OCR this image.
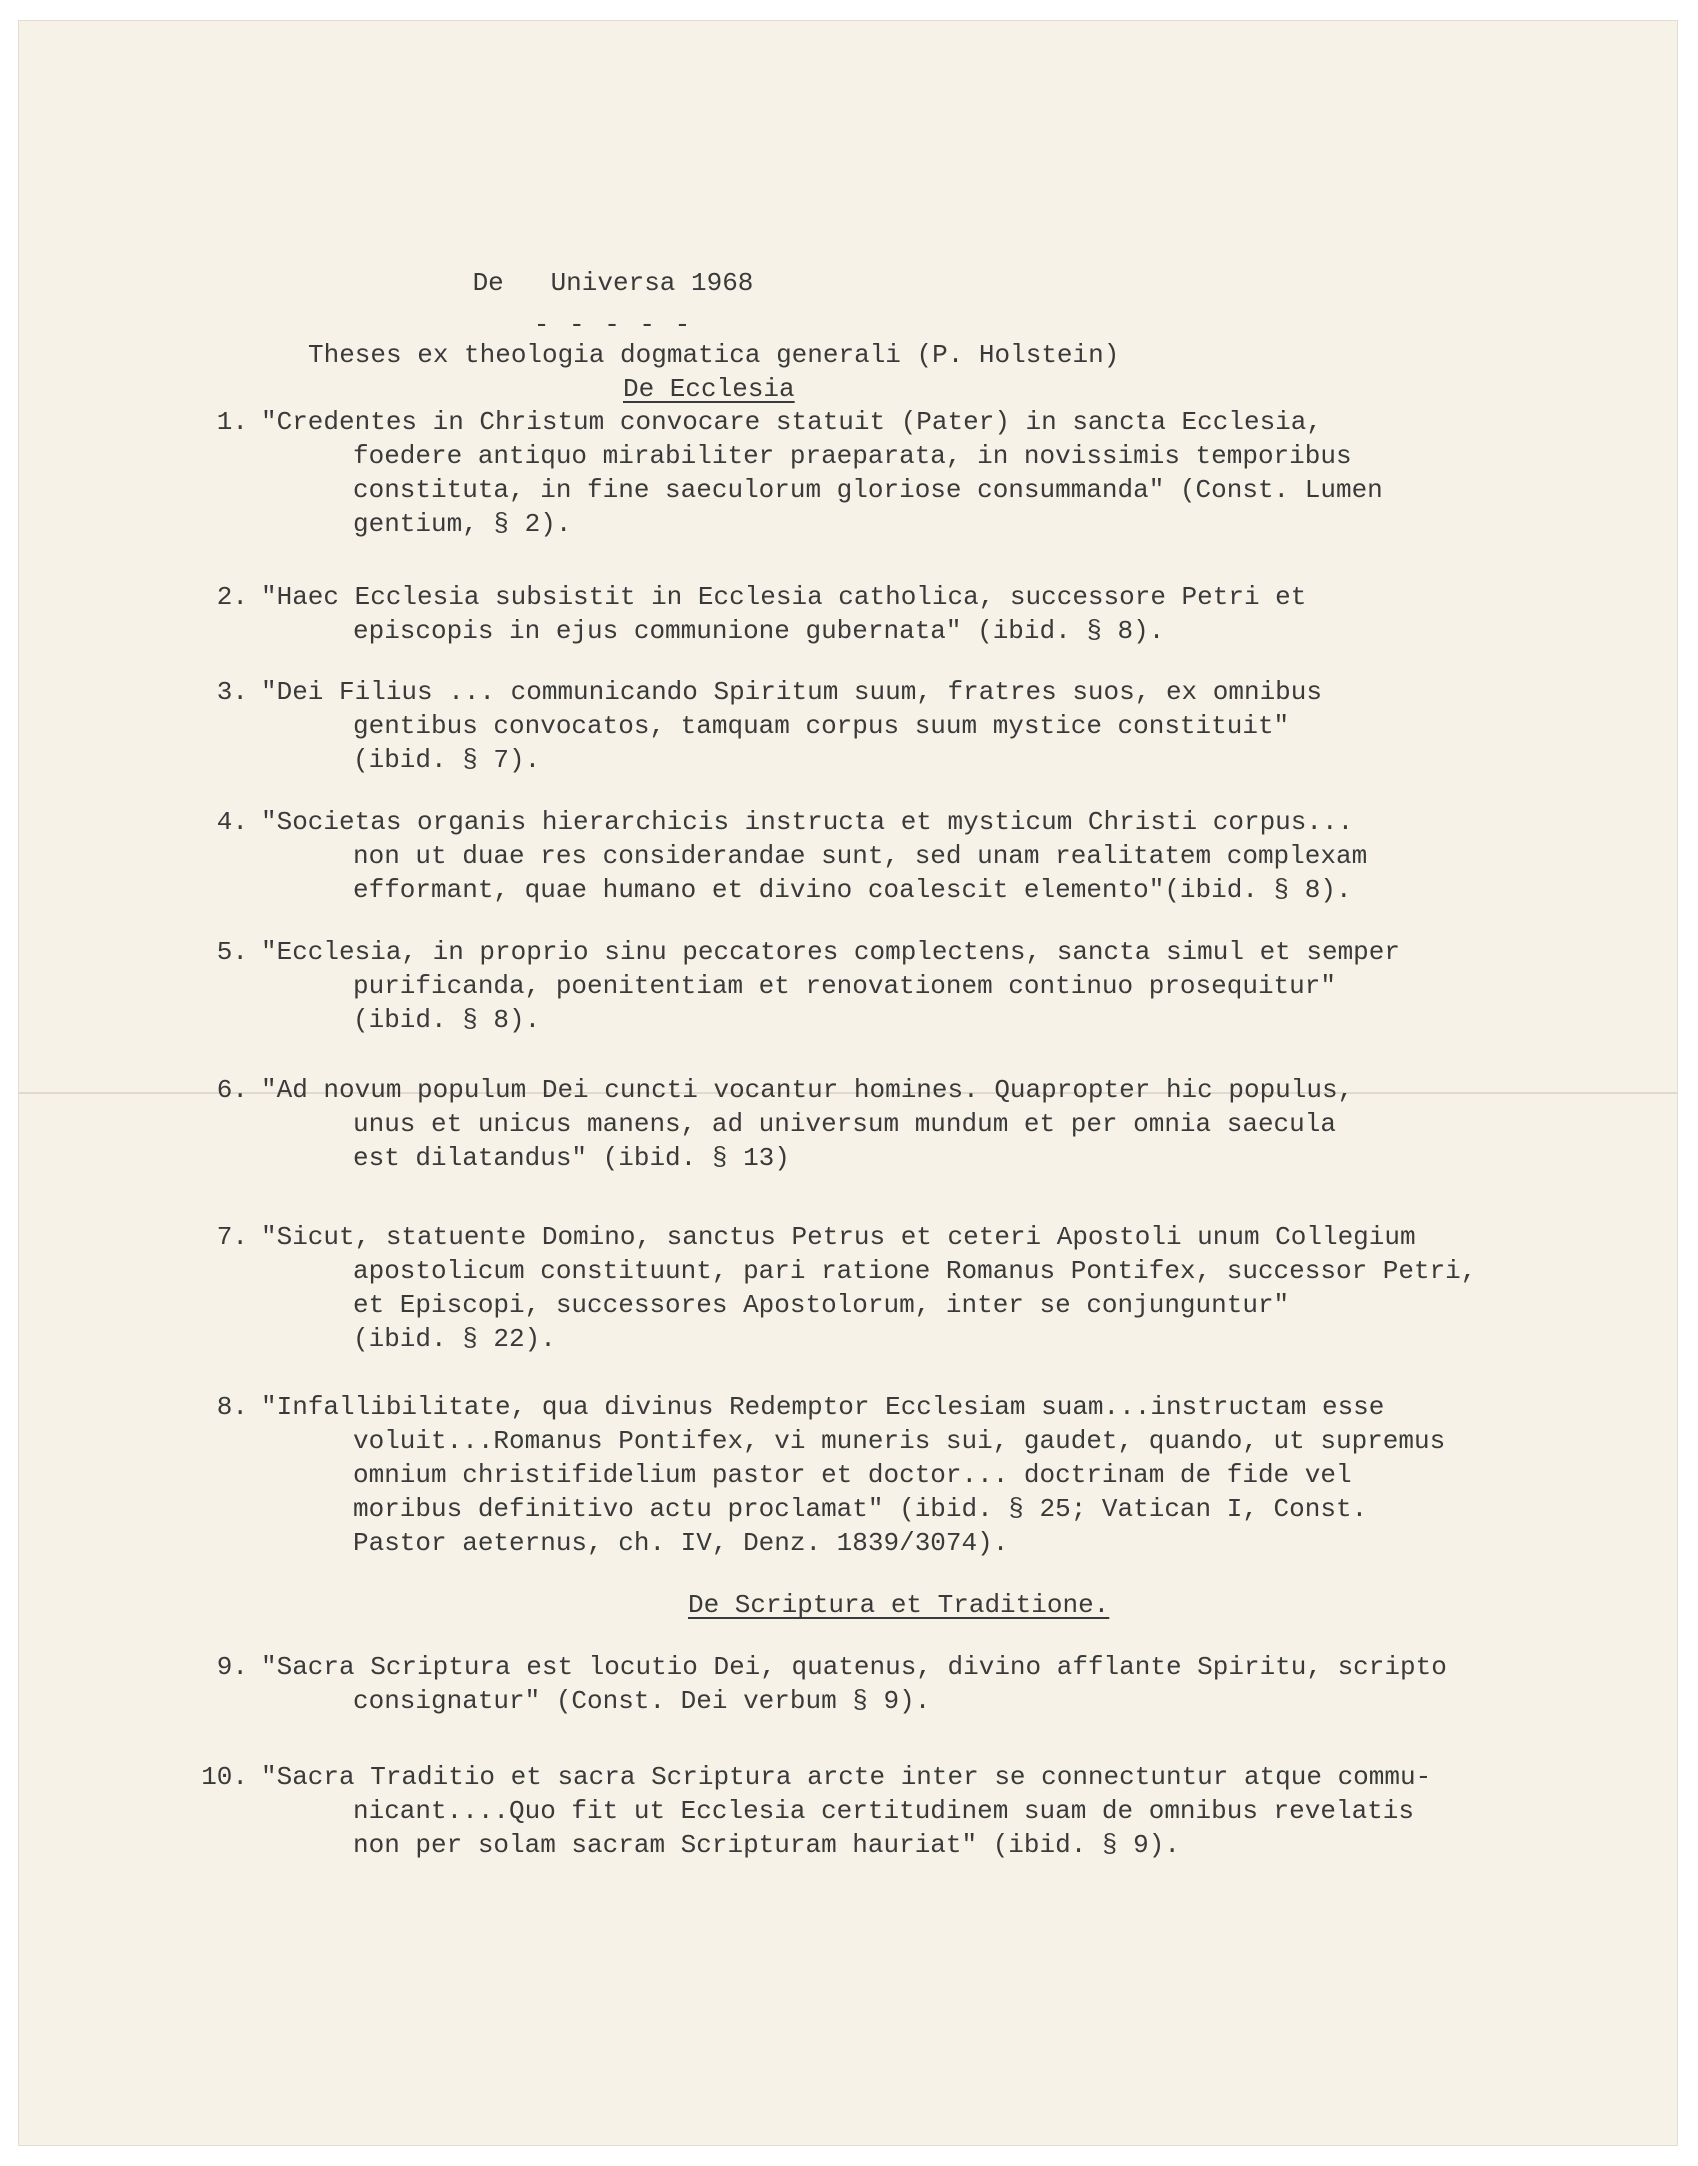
De   Universa 1968
- - - - -
Theses ex theologia dogmatica generali (P. Holstein)
De Ecclesia
1. "Credentes in Christum convocare statuit (Pater) in sancta Ecclesia,
foedere antiquo mirabiliter praeparata, in novissimis temporibus
constituta, in fine saeculorum gloriose consummanda" (Const. Lumen
gentium, § 2).
2. "Haec Ecclesia subsistit in Ecclesia catholica, successore Petri et
episcopis in ejus communione gubernata" (ibid. § 8).
3. "Dei Filius ... communicando Spiritum suum, fratres suos, ex omnibus
gentibus convocatos, tamquam corpus suum mystice constituit"
(ibid. § 7).
4. "Societas organis hierarchicis instructa et mysticum Christi corpus...
non ut duae res considerandae sunt, sed unam realitatem complexam
efformant, quae humano et divino coalescit elemento"(ibid. § 8).
5. "Ecclesia, in proprio sinu peccatores complectens, sancta simul et semper
purificanda, poenitentiam et renovationem continuo prosequitur"
(ibid. § 8).
6. "Ad novum populum Dei cuncti vocantur homines. Quapropter hic populus,
unus et unicus manens, ad universum mundum et per omnia saecula
est dilatandus" (ibid. § 13)
7. "Sicut, statuente Domino, sanctus Petrus et ceteri Apostoli unum Collegium
apostolicum constituunt, pari ratione Romanus Pontifex, successor Petri,
et Episcopi, successores Apostolorum, inter se conjunguntur"
(ibid. § 22).
8. "Infallibilitate, qua divinus Redemptor Ecclesiam suam...instructam esse
voluit...Romanus Pontifex, vi muneris sui, gaudet, quando, ut supremus
omnium christifidelium pastor et doctor... doctrinam de fide vel
moribus definitivo actu proclamat" (ibid. § 25; Vatican I, Const.
Pastor aeternus, ch. IV, Denz. 1839/3074).
De Scriptura et Traditione.
9. "Sacra Scriptura est locutio Dei, quatenus, divino afflante Spiritu, scripto
consignatur" (Const. Dei verbum § 9).
10. "Sacra Traditio et sacra Scriptura arcte inter se connectuntur atque commu-
nicant....Quo fit ut Ecclesia certitudinem suam de omnibus revelatis
non per solam sacram Scripturam hauriat" (ibid. § 9).
